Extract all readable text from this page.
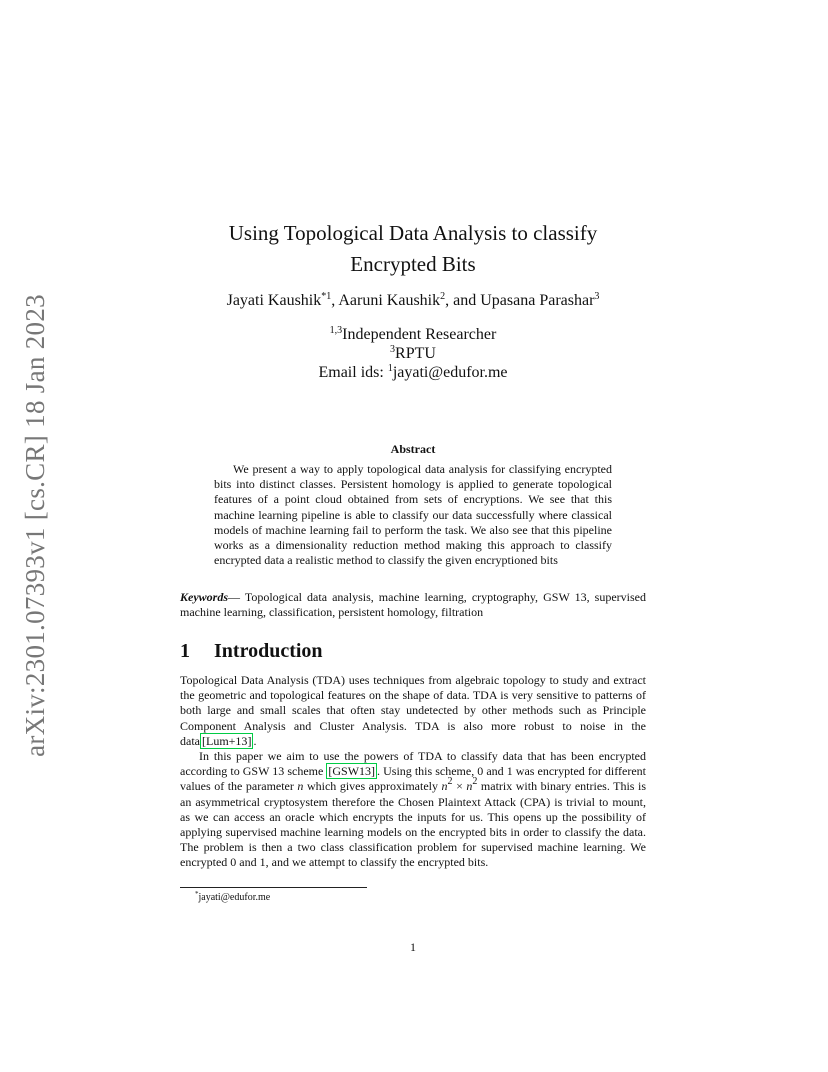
arXiv:2301.07393v1 [cs.CR] 18 Jan 2023
Using Topological Data Analysis to classify
Encrypted Bits
Jayati Kaushik$^{*1}$, Aaruni Kaushik$^2$, and Upasana Parashar$^3$
$^{1,3}$Independent Researcher
$^3$RPTU
Email ids: $^1$jayati@edufor.me
Abstract

We present a way to apply topological data analysis for classifying encrypted bits into distinct classes. Persistent homology is applied to generate topological features of a point cloud obtained from sets of encryptions. We see that this machine learning pipeline is able to classify our data successfully where classical models of machine learning fail to perform the task. We also see that this pipeline works as a dimensionality reduction method making this approach to classify encrypted data a realistic method to classify the given encryptioned bits

Keywords— Topological data analysis, machine learning, cryptography, GSW 13, supervised machine learning, classification, persistent homology, filtration

1 Introduction

Topological Data Analysis (TDA) uses techniques from algebraic topology to study and extract the geometric and topological features on the shape of data. TDA is very sensitive to patterns of both large and small scales that often stay undetected by other methods such as Principle Component Analysis and Cluster Analysis. TDA is also more robust to noise in the data [Lum+13] .

In this paper we aim to use the powers of TDA to classify data that has been encrypted according to GSW 13 scheme [GSW13] . Using this scheme, 0 and 1 was encrypted for different values of the parameter n which gives approximately $n^2 \times n^2$ matrix with binary entries. This is an asymmetrical cryptosystem therefore the Chosen Plaintext Attack (CPA) is trivial to mount, as we can access an oracle which encrypts the inputs for us. This opens up the possibility of applying supervised machine learning models on the encrypted bits in order to classify the data. The problem is then a two class classification problem for supervised machine learning. We encrypted 0 and 1, and we attempt to classify the encrypted bits.

*jayati@edufor.me
1
